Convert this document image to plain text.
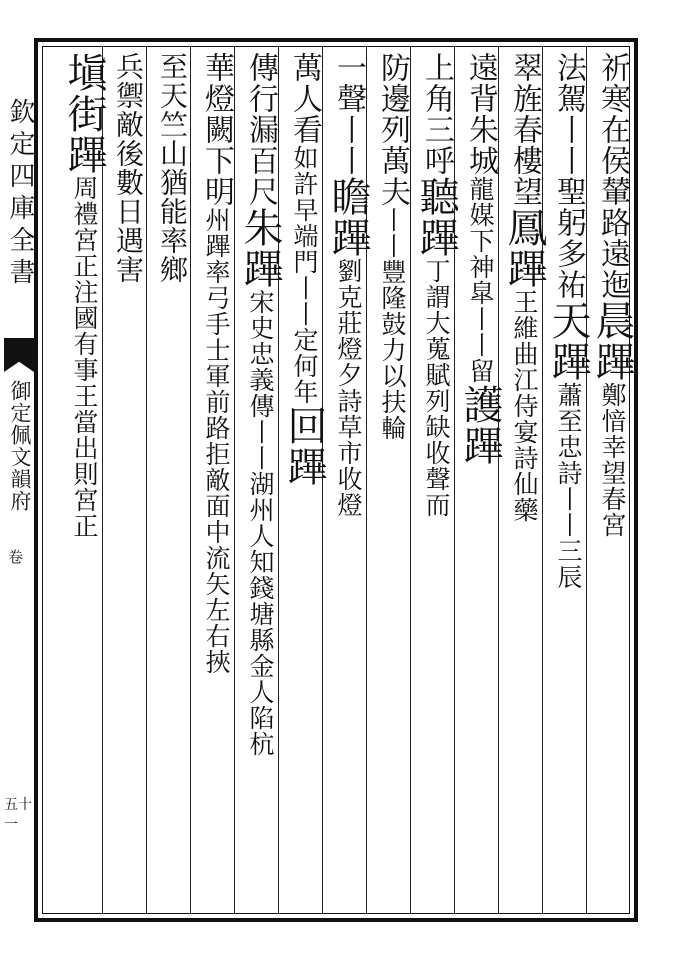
欽定四庫全書
御定佩文韻府
卷
五十一
祈寒在侯輦路遠迤晨蹕鄭愔幸望春宮
法駕丨丨聖躬多祐天蹕蕭至忠詩丨丨三辰
翠旌春樓望鳳蹕王維曲江侍宴詩仙藥
遠背朱城龍媒下神皐丨丨留護蹕
上角三呼聽蹕丁謂大蒐賦列缺收聲而
防邊列萬夫丨丨豐隆鼓力以扶輪
一聲丨丨瞻蹕劉克莊燈夕詩草市收燈
萬人看如許早端門丨丨定何年回蹕
傳行漏百尺朱蹕宋史忠義傳丨丨湖州人知錢塘縣金人陷杭
華燈闕下明州蹕率弓手士軍前路拒敵面中流矢左右挾
至天竺山猶能率鄉
兵禦敵後數日遇害
塡街蹕周禮宮正注國有事王當出則宮正
